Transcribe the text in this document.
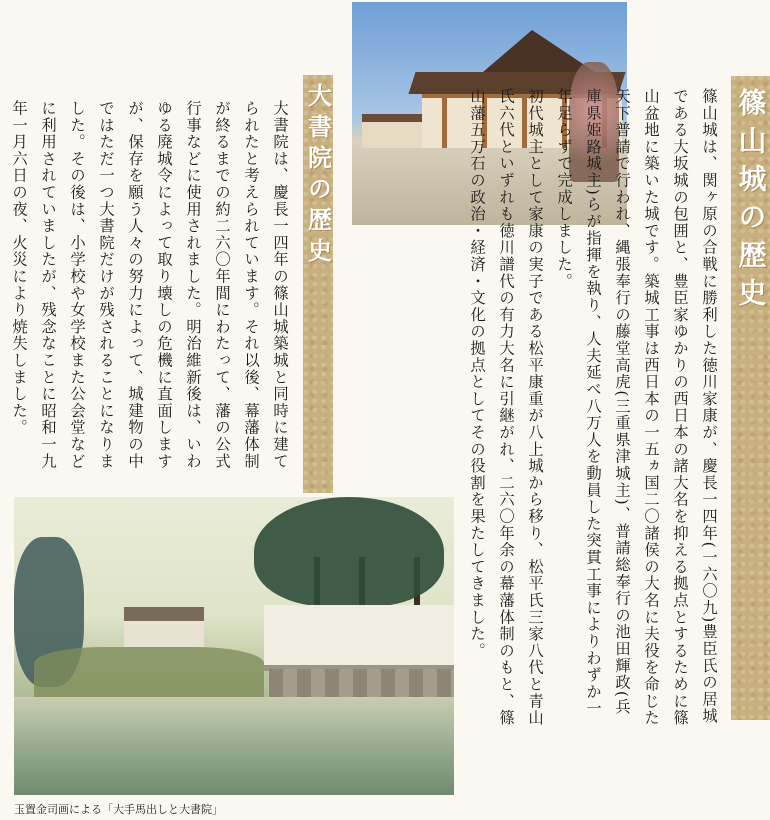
篠山城の歴史

篠山城は、関ヶ原の合戦に勝利した徳川家康が、慶長一四年(一六〇九)豊臣氏の居城である大坂城の包囲と、豊臣家ゆかりの西日本の諸大名を抑える拠点とするために篠山盆地に築いた城です。築城工事は西日本の一五ヵ国二〇諸侯の大名に夫役を命じた天下普請で行われ、縄張奉行の藤堂高虎(三重県津城主)、普請総奉行の池田輝政(兵庫県姫路城主)らが指揮を執り、人夫延べ八万人を動員した突貫工事によりわずか一年足らずで完成しました。

初代城主として家康の実子である松平康重が八上城から移り、松平氏三家八代と青山氏六代といずれも徳川譜代の有力大名に引継がれ、二六〇年余の幕藩体制のもと、篠山藩五万石の政治・経済・文化の拠点としてその役割を果たしてきました。

大書院の歴史

大書院は、慶長一四年の篠山城築城と同時に建てられたと考えられています。それ以後、幕藩体制が終るまでの約二六〇年間にわたって、藩の公式行事などに使用されました。明治維新後は、いわゆる廃城令によって取り壊しの危機に直面しますが、保存を願う人々の努力によって、城建物の中ではただ一つ大書院だけが残されることになりました。その後は、小学校や女学校また公会堂などに利用されていましたが、残念なことに昭和一九年一月六日の夜、火災により焼失しました。

玉置金司画による「大手馬出しと大書院」
